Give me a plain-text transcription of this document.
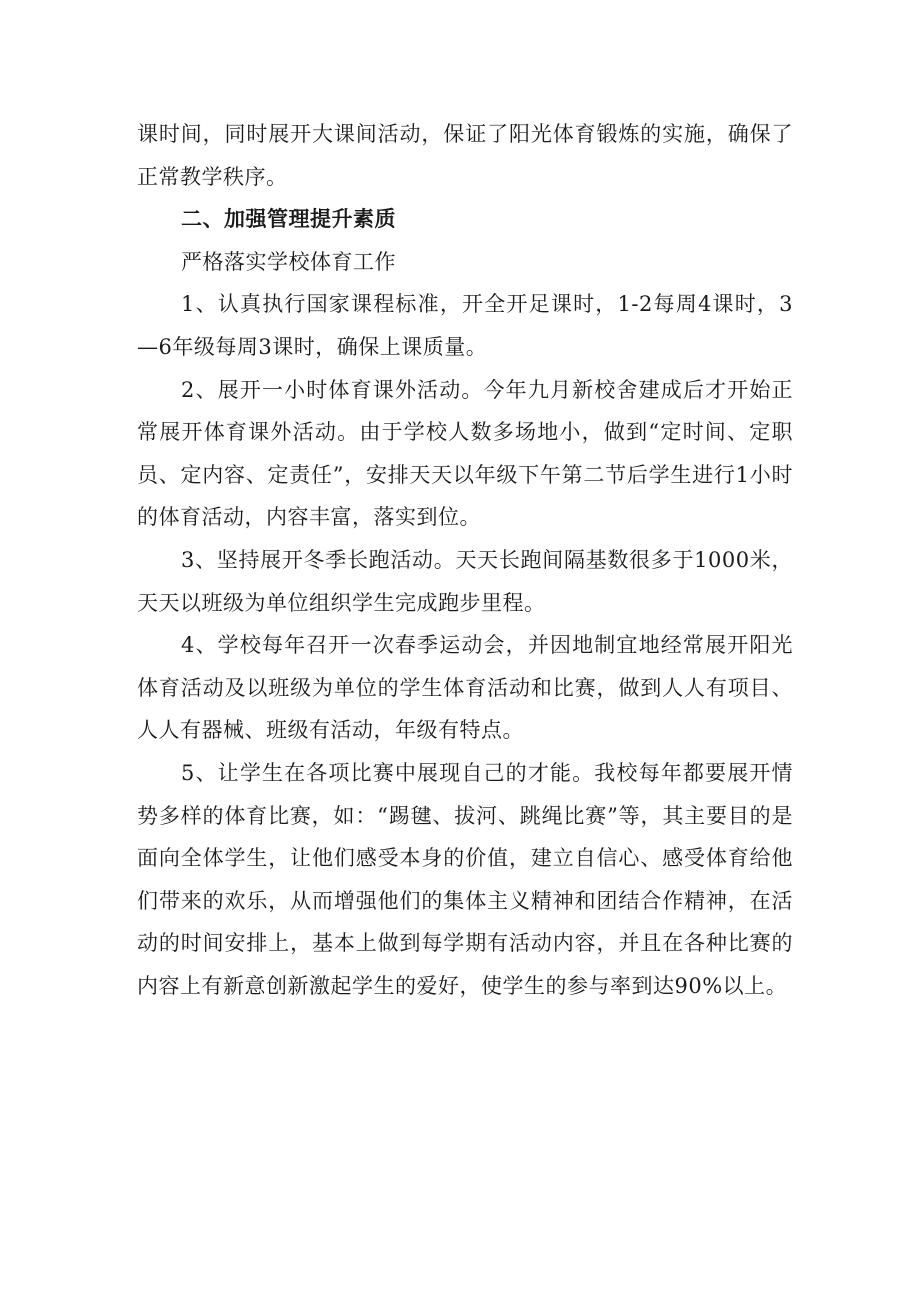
课时间，同时展开大课间活动，保证了阳光体育锻炼的实施，确保了正常教学秩序。

二、加强管理提升素质

严格落实学校体育工作

1、认真执行国家课程标准，开全开足课时，1-2每周4课时，3—6年级每周3课时，确保上课质量。

2、展开一小时体育课外活动。今年九月新校舍建成后才开始正常展开体育课外活动。由于学校人数多场地小，做到“定时间、定职员、定内容、定责任”，安排天天以年级下午第二节后学生进行1小时的体育活动，内容丰富，落实到位。

3、坚持展开冬季长跑活动。天天长跑间隔基数很多于1000米，天天以班级为单位组织学生完成跑步里程。

4、学校每年召开一次春季运动会，并因地制宜地经常展开阳光体育活动及以班级为单位的学生体育活动和比赛，做到人人有项目、人人有器械、班级有活动，年级有特点。

5、让学生在各项比赛中展现自己的才能。我校每年都要展开情势多样的体育比赛，如：“踢毽、拔河、跳绳比赛”等，其主要目的是面向全体学生，让他们感受本身的价值，建立自信心、感受体育给他们带来的欢乐，从而增强他们的集体主义精神和团结合作精神，在活动的时间安排上，基本上做到每学期有活动内容，并且在各种比赛的内容上有新意创新激起学生的爱好，使学生的参与率到达90%以上。
